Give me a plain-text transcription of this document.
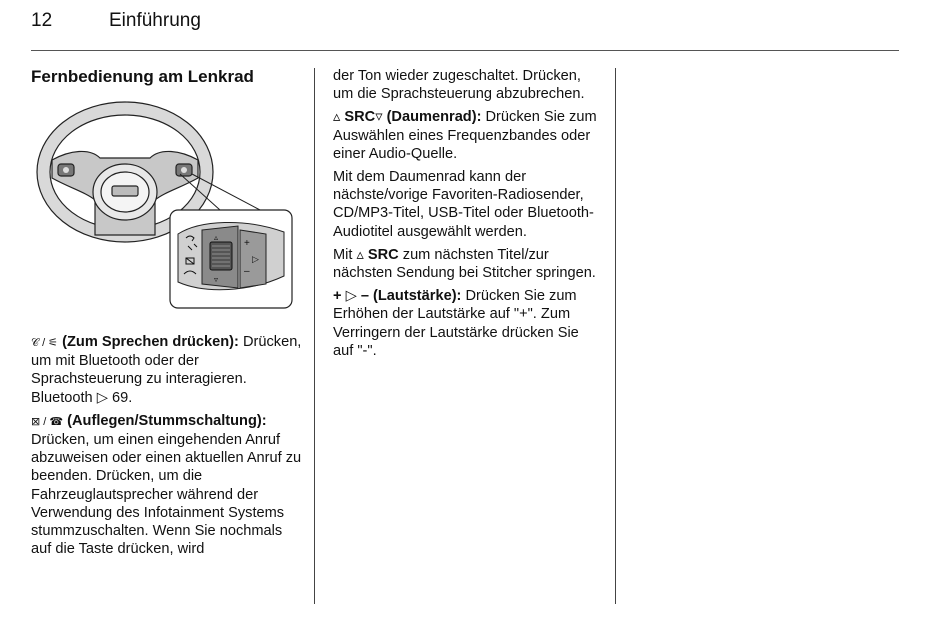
12	Einführung
Fernbedienung am Lenkrad
▵
▿
+
–
▷

𝒞 / ⚟ (Zum Sprechen drücken): Drücken, um mit Bluetooth oder der Sprachsteuerung zu interagieren. Bluetooth ▷ 69.

⊠ / ☎ (Auflegen/Stummschaltung): Drücken, um einen eingehenden Anruf abzuweisen oder einen aktuellen Anruf zu beenden. Drücken, um die Fahrzeuglautsprecher während der Verwendung des Infotainment Systems stummzuschalten. Wenn Sie nochmals auf die Taste drücken, wird

der Ton wieder zugeschaltet. Drücken, um die Sprachsteuerung abzubrechen.

▵ SRC▿ (Daumenrad): Drücken Sie zum Auswählen eines Frequenzbandes oder einer Audio-Quelle.

Mit dem Daumenrad kann der nächste/vorige Favoriten-Radiosender, CD/MP3-Titel, USB-Titel oder Bluetooth-Audiotitel ausgewählt werden.

Mit ▵ SRC zum nächsten Titel/zur nächsten Sendung bei Stitcher springen.

+ ▷ – (Lautstärke): Drücken Sie zum Erhöhen der Lautstärke auf "+". Zum Verringern der Lautstärke drücken Sie auf "-".
